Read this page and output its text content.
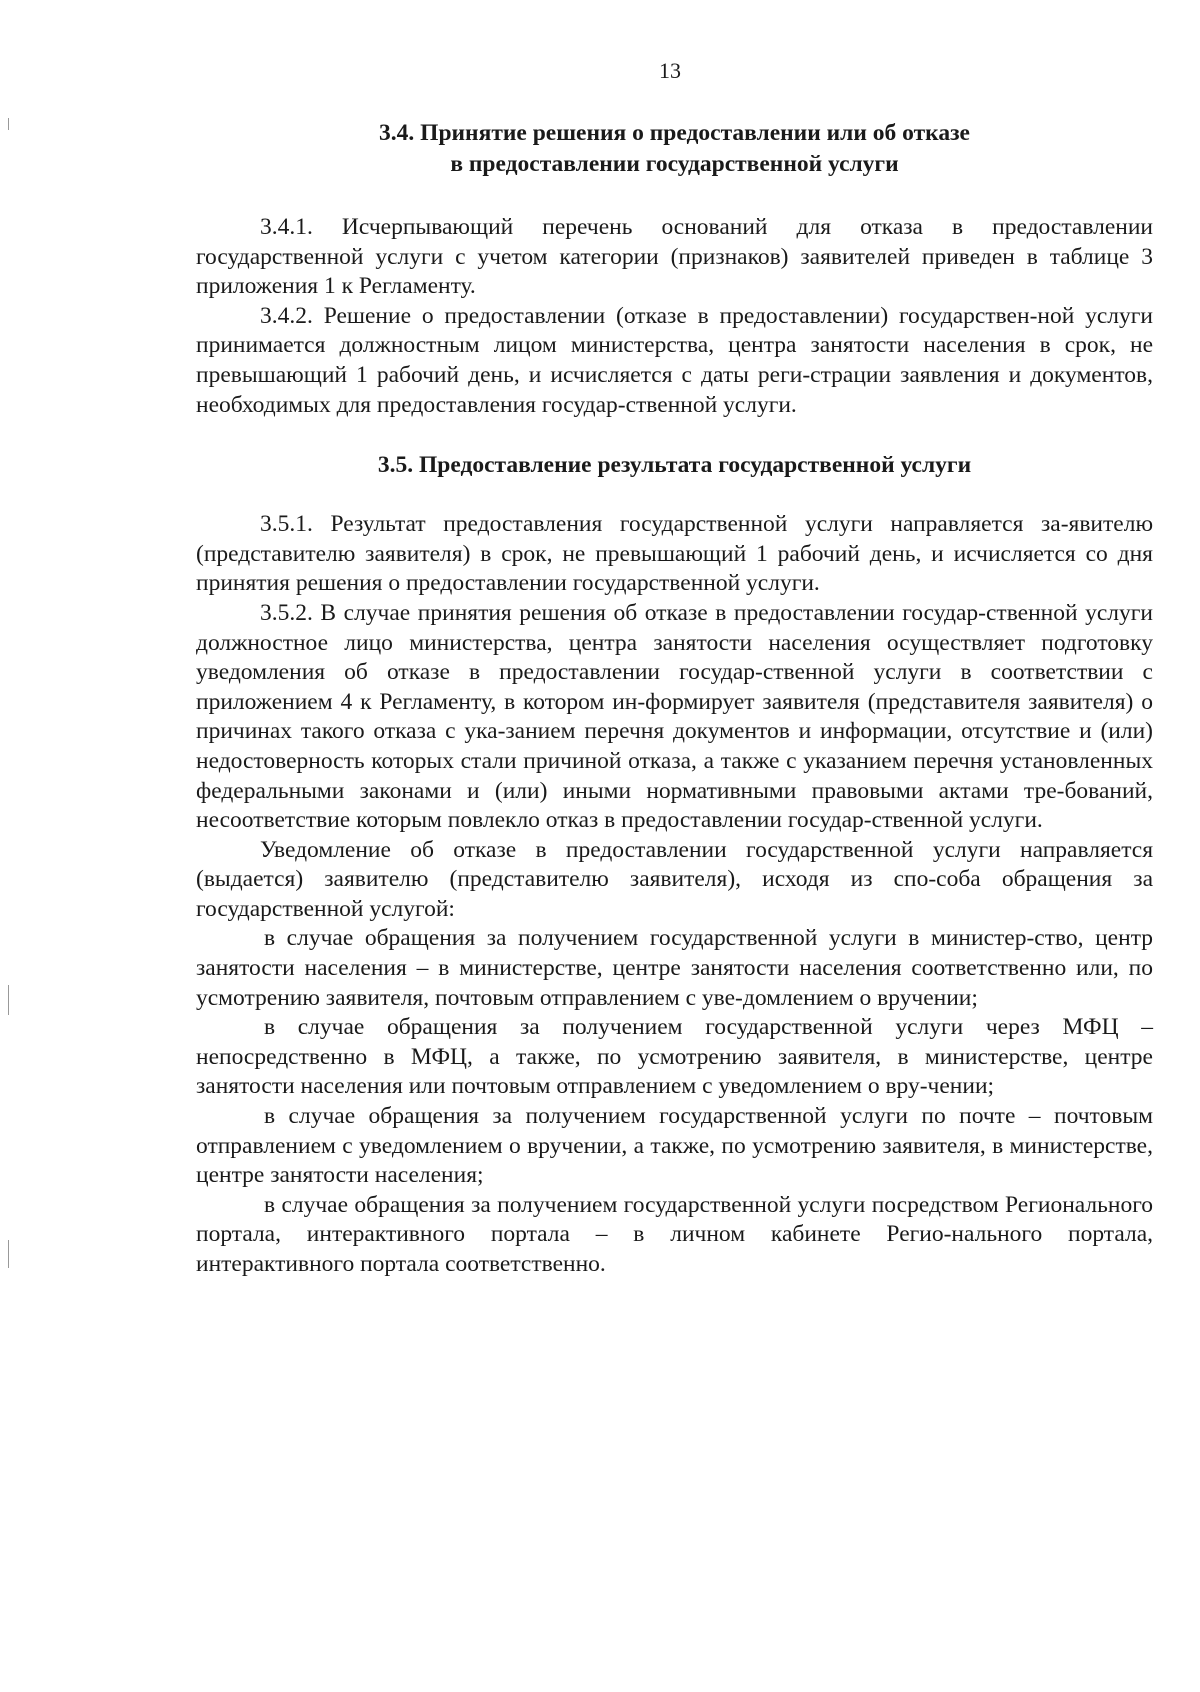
13
3.4. Принятие решения о предоставлении или об отказе
в предоставлении государственной услуги

3.4.1. Исчерпывающий перечень оснований для отказа в предоставлении государственной услуги с учетом категории (признаков) заявителей приведен в таблице 3 приложения 1 к Регламенту.

3.4.2. Решение о предоставлении (отказе в предоставлении) государствен-ной услуги принимается должностным лицом министерства, центра занятости населения в срок, не превышающий 1 рабочий день, и исчисляется с даты реги-страции заявления и документов, необходимых для предоставления государ-ственной услуги.

3.5. Предоставление результата государственной услуги

3.5.1. Результат предоставления государственной услуги направляется за-явителю (представителю заявителя) в срок, не превышающий 1 рабочий день, и исчисляется со дня принятия решения о предоставлении государственной услуги.

3.5.2. В случае принятия решения об отказе в предоставлении государ-ственной услуги должностное лицо министерства, центра занятости населения осуществляет подготовку уведомления об отказе в предоставлении государ-ственной услуги в соответствии с приложением 4 к Регламенту, в котором ин-формирует заявителя (представителя заявителя) о причинах такого отказа с ука-занием перечня документов и информации, отсутствие и (или) недостоверность которых стали причиной отказа, а также с указанием перечня установленных федеральными законами и (или) иными нормативными правовыми актами тре-бований, несоответствие которым повлекло отказ в предоставлении государ-ственной услуги.

Уведомление об отказе в предоставлении государственной услуги направляется (выдается) заявителю (представителю заявителя), исходя из спо-соба обращения за государственной услугой:

в случае обращения за получением государственной услуги в министер-ство, центр занятости населения – в министерстве, центре занятости населения соответственно или, по усмотрению заявителя, почтовым отправлением с уве-домлением о вручении;

в случае обращения за получением государственной услуги через МФЦ – непосредственно в МФЦ, а также, по усмотрению заявителя, в министерстве, центре занятости населения или почтовым отправлением с уведомлением о вру-чении;

в случае обращения за получением государственной услуги по почте – почтовым отправлением с уведомлением о вручении, а также, по усмотрению заявителя, в министерстве, центре занятости населения;

в случае обращения за получением государственной услуги посредством Регионального портала, интерактивного портала – в личном кабинете Регио-нального портала, интерактивного портала соответственно.
